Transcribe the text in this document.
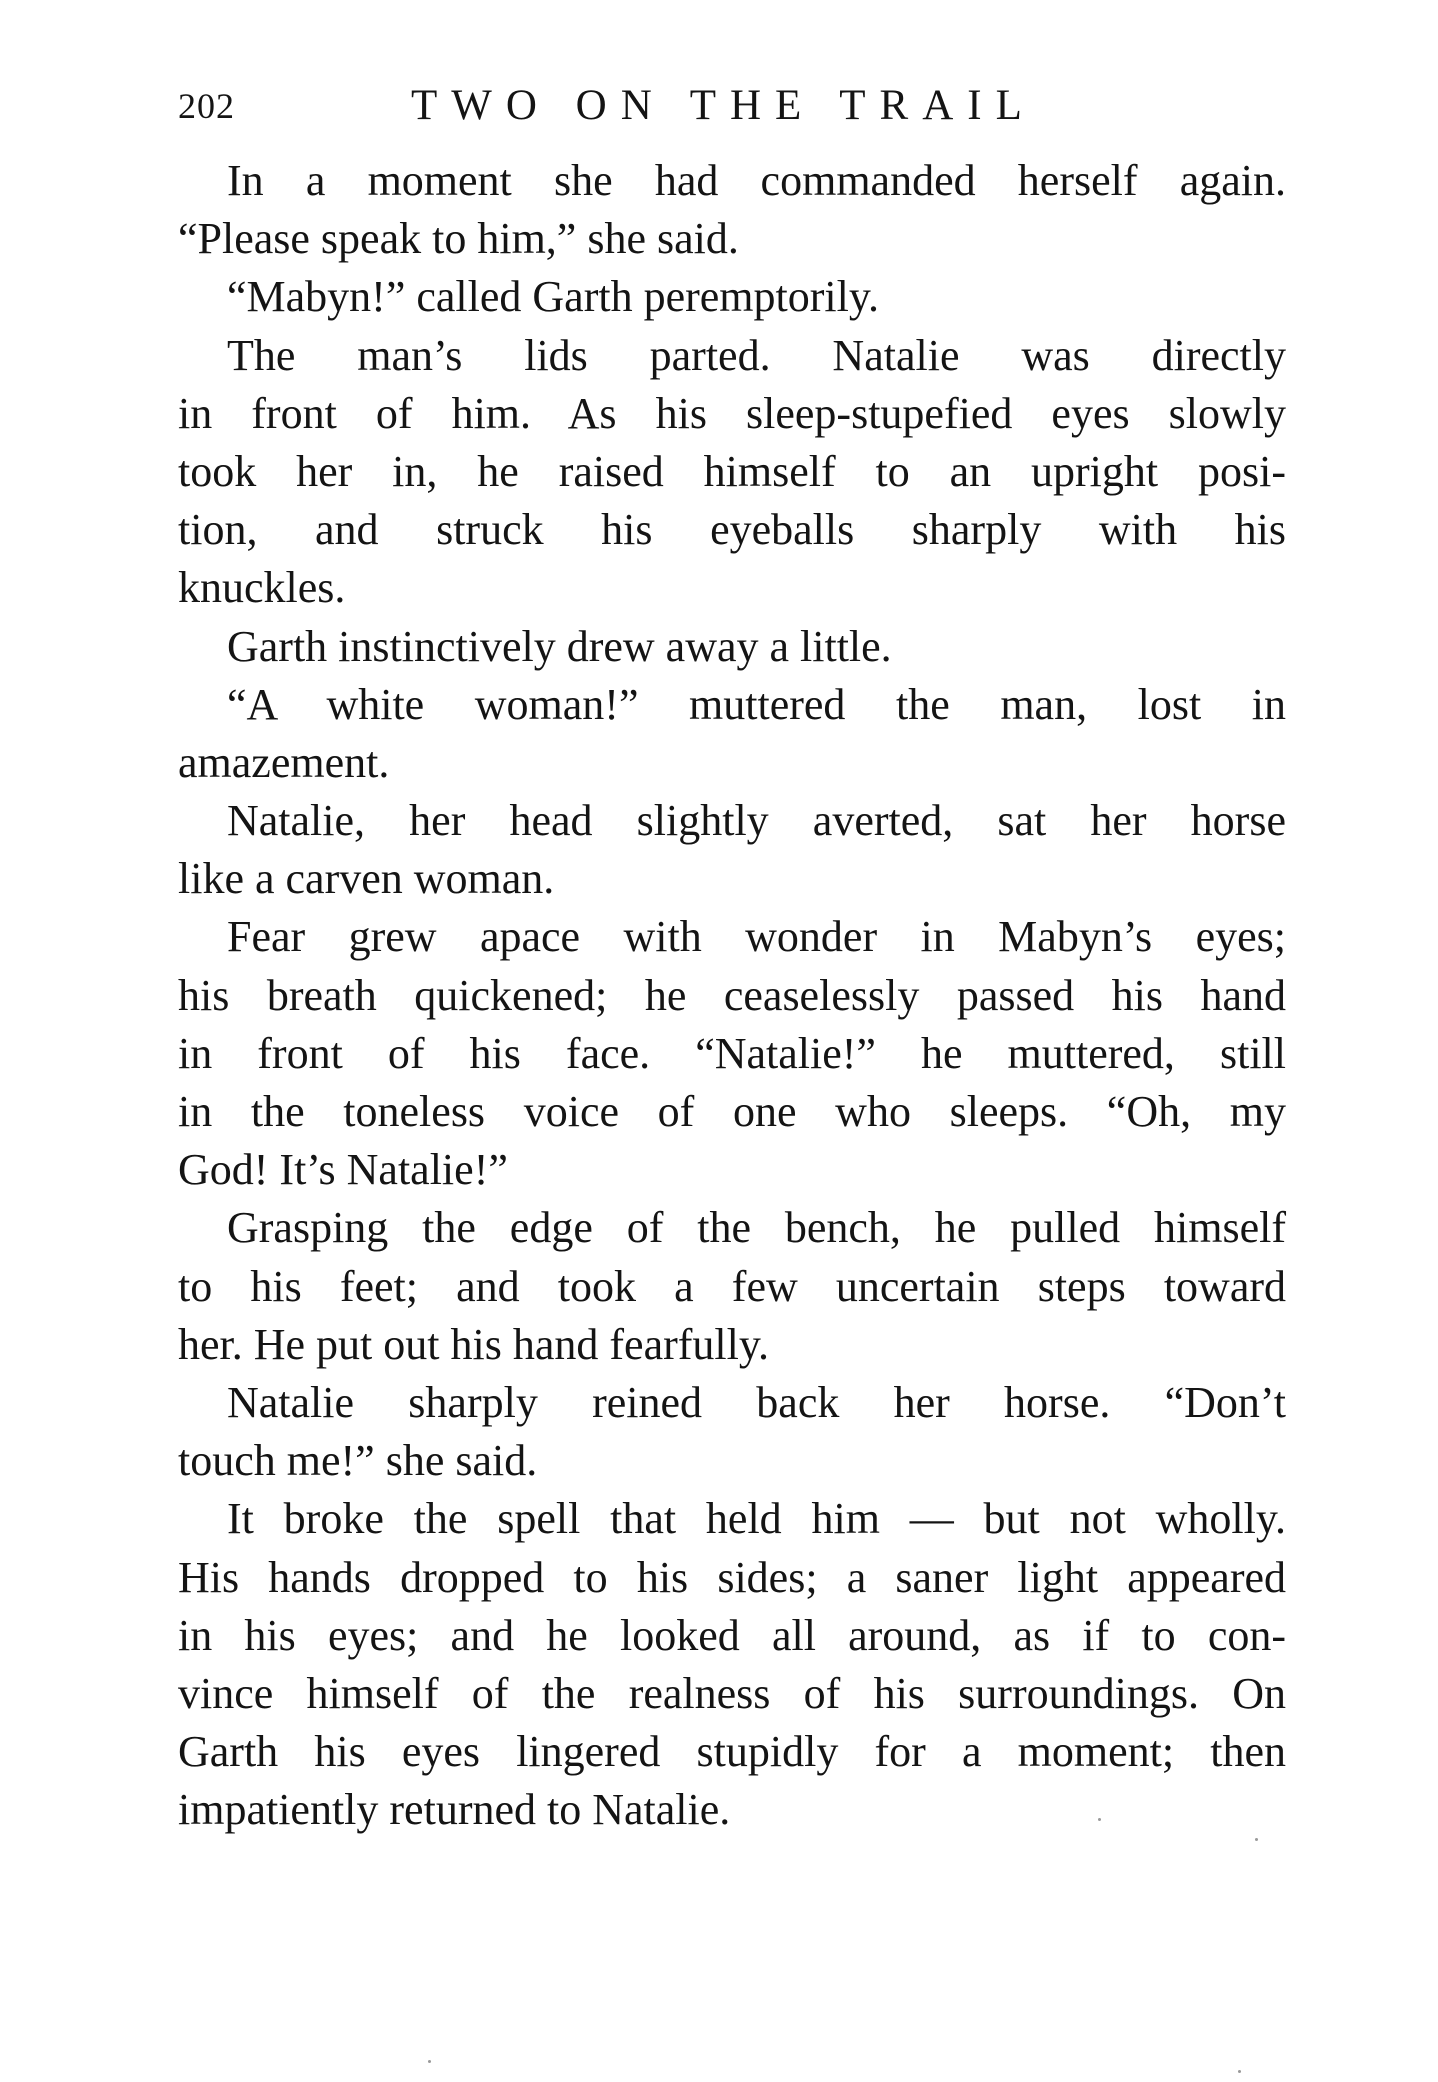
202	TWO ON THE TRAIL
In a moment she had commanded herself again.
“Please speak to him,” she said.
“Mabyn!” called Garth peremptorily.
The man’s lids parted. Natalie was directly
in front of him. As his sleep-stupefied eyes slowly
took her in, he raised himself to an upright posi-
tion, and struck his eyeballs sharply with his
knuckles.
Garth instinctively drew away a little.
“A white woman!” muttered the man, lost in
amazement.
Natalie, her head slightly averted, sat her horse
like a carven woman.
Fear grew apace with wonder in Mabyn’s eyes;
his breath quickened; he ceaselessly passed his hand
in front of his face. “Natalie!” he muttered, still
in the toneless voice of one who sleeps. “Oh, my
God! It’s Natalie!”
Grasping the edge of the bench, he pulled himself
to his feet; and took a few uncertain steps toward
her. He put out his hand fearfully.
Natalie sharply reined back her horse. “Don’t
touch me!” she said.
It broke the spell that held him — but not wholly.
His hands dropped to his sides; a saner light appeared
in his eyes; and he looked all around, as if to con-
vince himself of the realness of his surroundings. On
Garth his eyes lingered stupidly for a moment; then
impatiently returned to Natalie.
